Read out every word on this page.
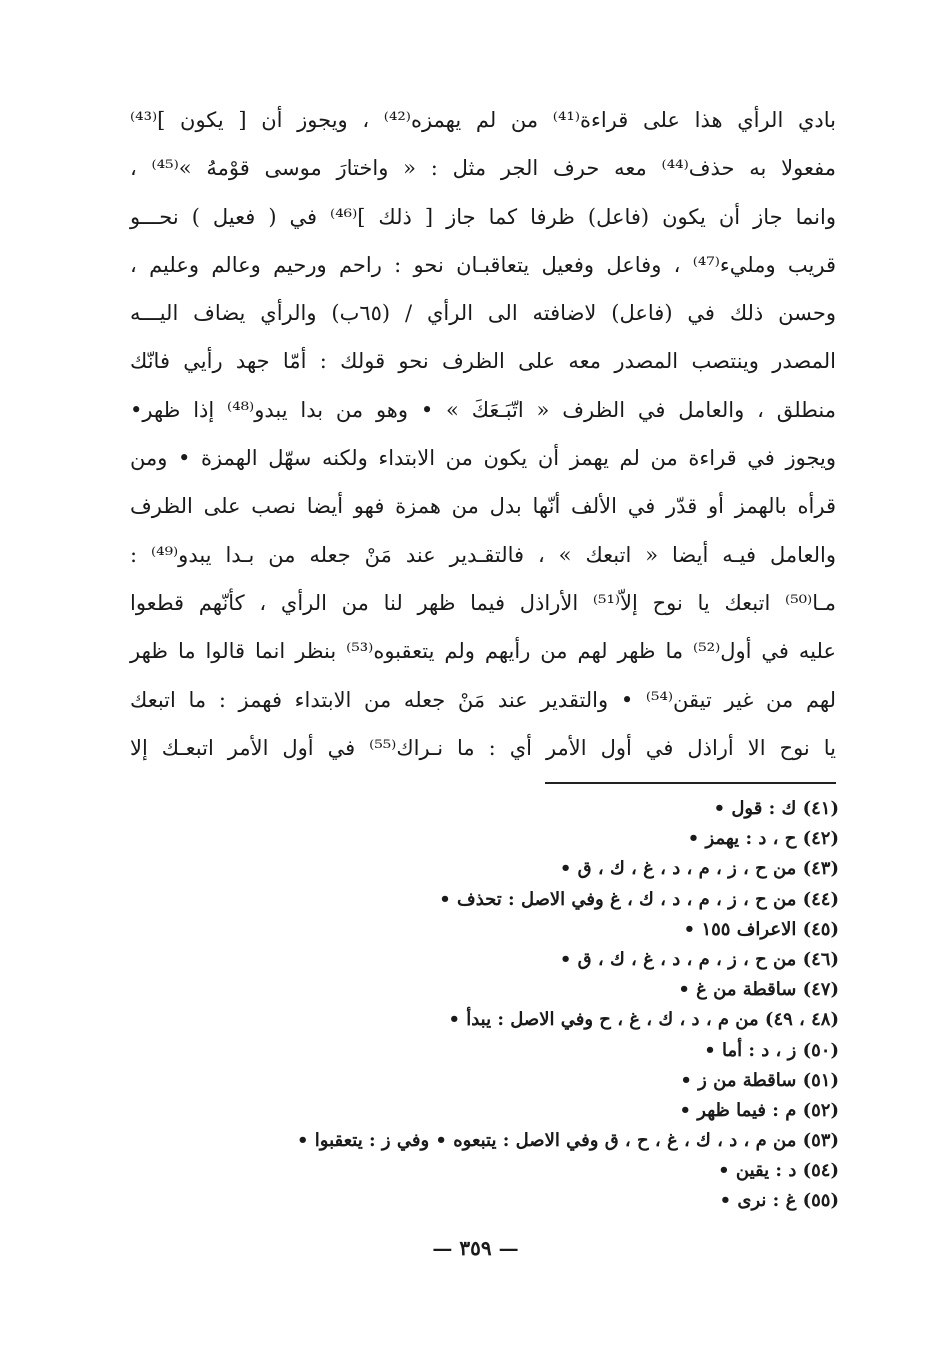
بادي الرأي هذا على قراءة⁽⁴¹⁾ من لم يهمزه⁽⁴²⁾ ، ويجوز أن [ يكون ]⁽⁴³⁾
مفعولا به حذف⁽⁴⁴⁾ معه حرف الجر مثل : « واختارَ موسى قوْمهُ »⁽⁴⁵⁾ ،
وانما جاز أن يكون (فاعل) ظرفا كما جاز [ ذلك ]⁽⁴⁶⁾ في ( فعيل ) نحـــو
قريب ومليء⁽⁴⁷⁾ ، وفاعل وفعيل يتعاقبـان نحو : راحم ورحيم وعالم وعليم ،
وحسن ذلك في (فاعل) لاضافته الى الرأي / (٦٥ب) والرأي يضاف اليـــه
المصدر وينتصب المصدر معه على الظرف نحو قولك : أمّا جهد رأيي فانّك
منطلق ، والعامل في الظرف « اتّبَـعَكَ » • وهو من بدا يبدو⁽⁴⁸⁾ إذا ظهر•
ويجوز في قراءة من لم يهمز أن يكون من الابتداء ولكنه سهّل الهمزة • ومن
قرأه بالهمز أو قدّر في الألف أنّها بدل من همزة فهو أيضا نصب على الظرف
والعامل فيـه أيضا « اتبعك » ، فالتقـدير عند مَنْ جعله من بـدا يبدو⁽⁴⁹⁾ :
مـا⁽⁵⁰⁾ اتبعك يا نوح إلاّ⁽⁵¹⁾ الأراذل فيما ظهر لنا من الرأي ، كأنّهم قطعوا
عليه في أول⁽⁵²⁾ ما ظهر لهم من رأيهم ولم يتعقبوه⁽⁵³⁾ بنظر انما قالوا ما ظهر
لهم من غير تيقن⁽⁵⁴⁾ • والتقدير عند مَنْ جعله من الابتداء فهمز : ما اتبعك
يا نوح الا أراذل في أول الأمر أي : ما نـراك⁽⁵⁵⁾ في أول الأمر اتبعـك إلا
(٤١) ك : قول •
(٤٢) ح ، د : يهمز •
(٤٣) من ح ، ز ، م ، د ، غ ، ك ، ق •
(٤٤) من ح ، ز ، م ، د ، ك ، غ وفي الاصل : تحذف •
(٤٥) الاعراف ١٥٥ •
(٤٦) من ح ، ز ، م ، د ، غ ، ك ، ق •
(٤٧) ساقطة من غ •
(٤٨ ، ٤٩) من م ، د ، ك ، غ ، ح وفي الاصل : يبدأ •
(٥٠) ز ، د : أما •
(٥١) ساقطة من ز •
(٥٢) م : فيما ظهر •
(٥٣) من م ، د ، ك ، غ ، ح ، ق وفي الاصل : يتبعوه • وفي ز : يتعقبوا •
(٥٤) د : يقين •
(٥٥) غ : نرى •
— ٣٥٩ —
